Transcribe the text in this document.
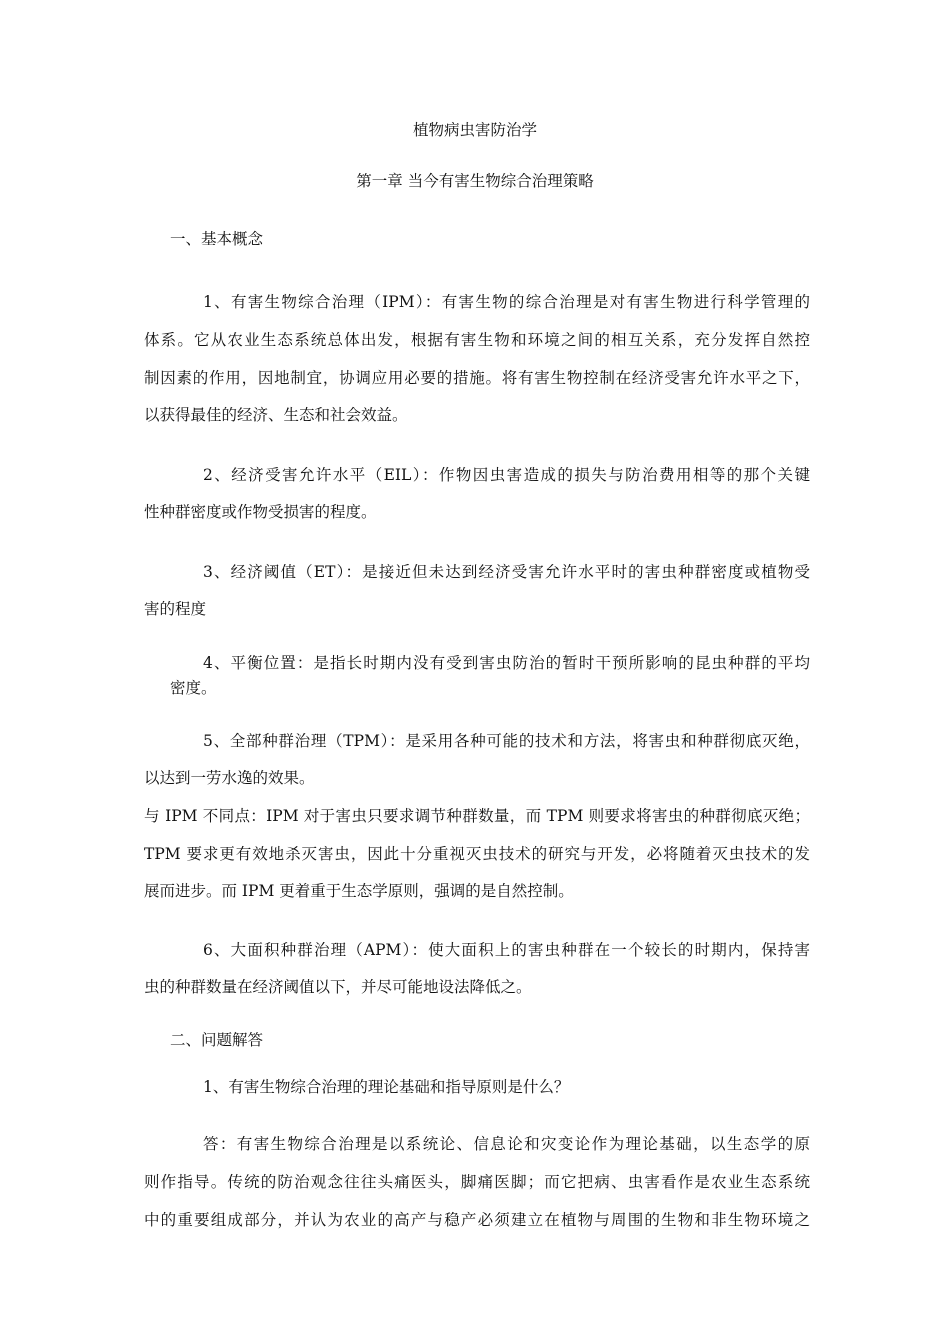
植物病虫害防治学
第一章 当今有害生物综合治理策略
一、基本概念
1、有害生物综合治理（IPM）：有害生物的综合治理是对有害生物进行科学管理的
体系。它从农业生态系统总体出发，根据有害生物和环境之间的相互关系，充分发挥自然控
制因素的作用，因地制宜，协调应用必要的措施。将有害生物控制在经济受害允许水平之下，
以获得最佳的经济、生态和社会效益。
2、经济受害允许水平（EIL）：作物因虫害造成的损失与防治费用相等的那个关键
性种群密度或作物受损害的程度。
3、经济阈值（ET）：是接近但未达到经济受害允许水平时的害虫种群密度或植物受
害的程度
4、平衡位置：是指长时期内没有受到害虫防治的暂时干预所影响的昆虫种群的平均
密度。
5、全部种群治理（TPM）：是采用各种可能的技术和方法，将害虫和种群彻底灭绝，
以达到一劳水逸的效果。
与 IPM 不同点：IPM 对于害虫只要求调节种群数量，而 TPM 则要求将害虫的种群彻底灭绝；
TPM 要求更有效地杀灭害虫，因此十分重视灭虫技术的研究与开发，必将随着灭虫技术的发
展而进步。而 IPM 更着重于生态学原则，强调的是自然控制。
6、大面积种群治理（APM）：使大面积上的害虫种群在一个较长的时期内，保持害
虫的种群数量在经济阈值以下，并尽可能地设法降低之。
二、问题解答
1、有害生物综合治理的理论基础和指导原则是什么？
答：有害生物综合治理是以系统论、信息论和灾变论作为理论基础，以生态学的原
则作指导。传统的防治观念往往头痛医头，脚痛医脚；而它把病、虫害看作是农业生态系统
中的重要组成部分，并认为农业的高产与稳产必须建立在植物与周围的生物和非生物环境之
